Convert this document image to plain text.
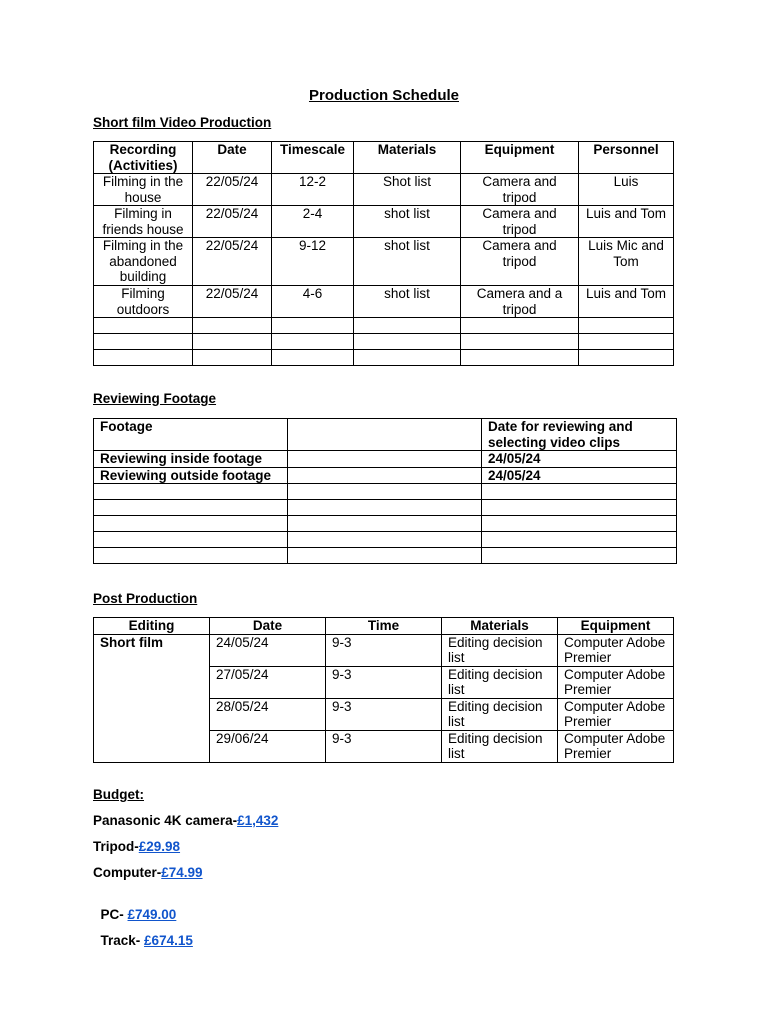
Production Schedule
Short film Video Production
Recording (Activities)	Date	Timescale	Materials	Equipment	Personnel
Filming in the house	22/05/24	12-2	Shot list	Camera and tripod	Luis
Filming in friends house	22/05/24	2-4	shot list	Camera and tripod	Luis and Tom
Filming in the abandoned building	22/05/24	9-12	shot list	Camera and tripod	Luis Mic and Tom
Filming outdoors	22/05/24	4-6	shot list	Camera and a tripod	Luis and Tom

Reviewing Footage
Footage		Date for reviewing and selecting video clips
Reviewing inside footage		24/05/24
Reviewing outside footage		24/05/24

Post Production
Editing	Date	Time	Materials	Equipment
Short film	24/05/24	9-3	Editing decision list	Computer Adobe Premier
	27/05/24	9-3	Editing decision list	Computer Adobe Premier
	28/05/24	9-3	Editing decision list	Computer Adobe Premier
	29/06/24	9-3	Editing decision list	Computer Adobe Premier
Budget:
Panasonic 4K camera-£1,432
Tripod-£29.98
Computer-£74.99

PC- £749.00

Track- £674.15
